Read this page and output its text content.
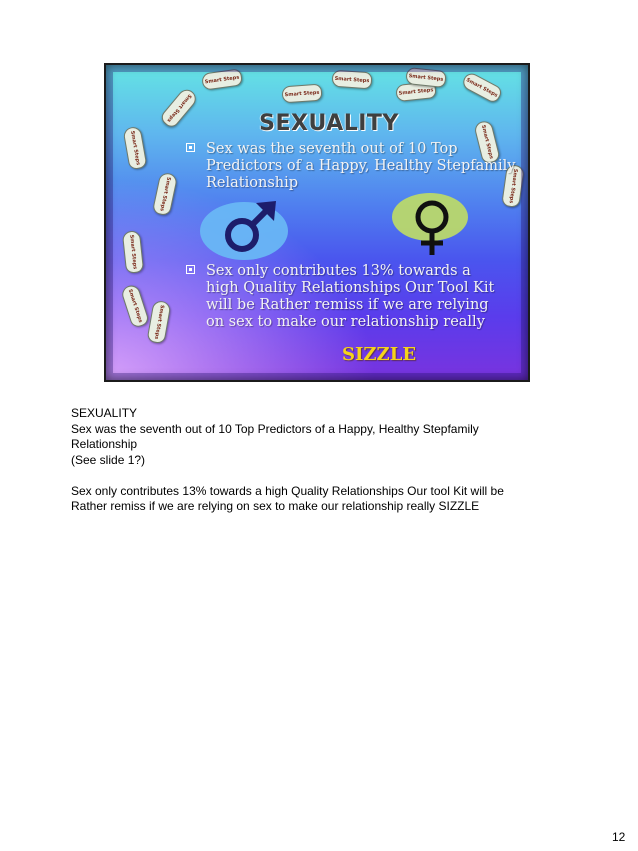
Smart Steps
Smart Steps
Smart Steps
Smart Steps
Smart Steps	Smart Steps
Smart Steps
Smart Steps
Smart Steps
Smart Steps
Smart Steps Smart Steps
Smart Steps
Smart Steps
SEXUALITY
Sex was the seventh out of 10 Top Predictors of a Happy, Healthy Stepfamily Relationship
Sex only contributes 13% towards a high Quality Relationships Our Tool Kit will be Rather remiss if we are relying on sex to make our relationship really
SIZZLE

SEXUALITY

Sex was the seventh out of 10 Top Predictors of a Happy, Healthy Stepfamily

Relationship

(See slide 1?)

Sex only contributes 13% towards a high Quality Relationships Our tool Kit will be

Rather remiss if we are relying on sex to make our relationship really SIZZLE

12
